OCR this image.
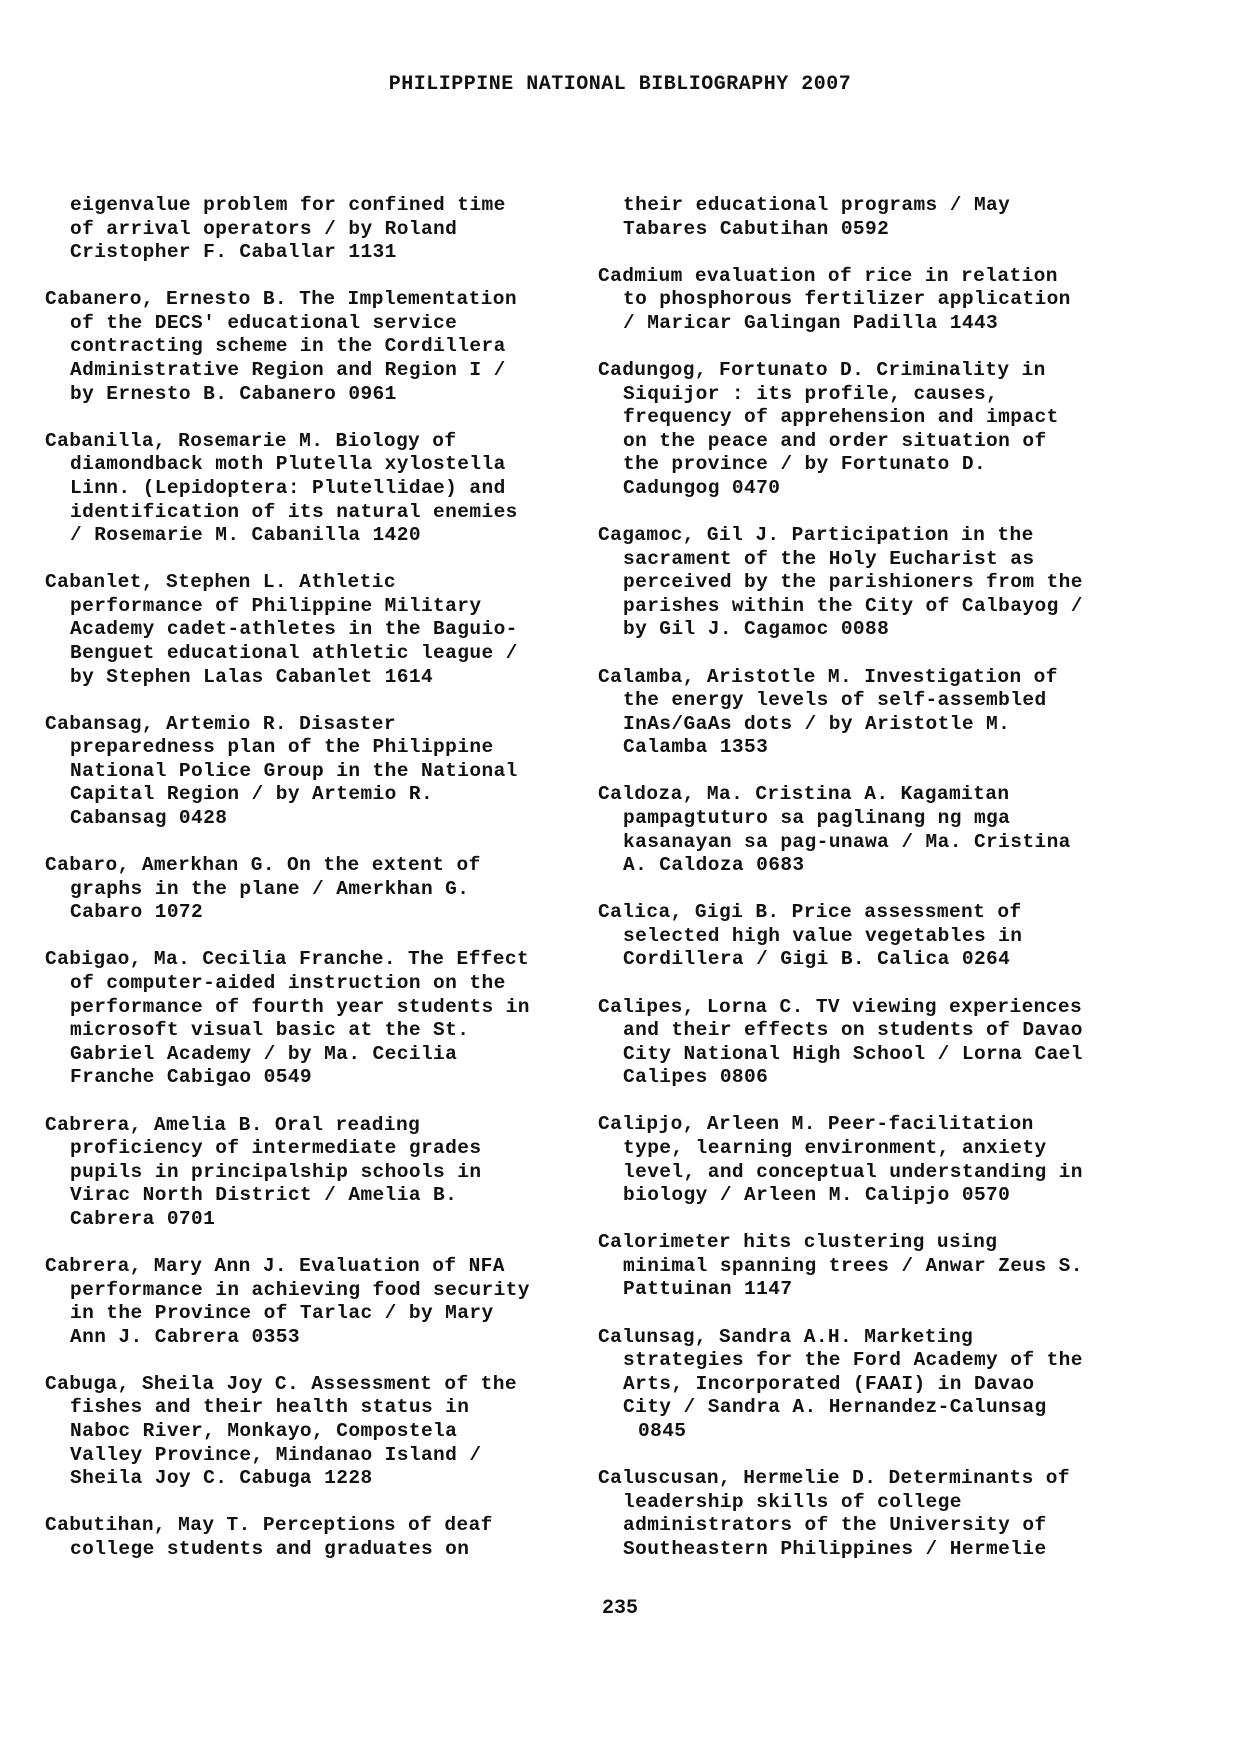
PHILIPPINE NATIONAL BIBLIOGRAPHY 2007
eigenvalue problem for confined time
of arrival operators / by Roland
Cristopher F. Caballar 1131
Cabanero, Ernesto B. The Implementation
of the DECS' educational service
contracting scheme in the Cordillera
Administrative Region and Region I /
by Ernesto B. Cabanero 0961
Cabanilla, Rosemarie M. Biology of
diamondback moth Plutella xylostella
Linn. (Lepidoptera: Plutellidae) and
identification of its natural enemies
/ Rosemarie M. Cabanilla 1420
Cabanlet, Stephen L. Athletic
performance of Philippine Military
Academy cadet-athletes in the Baguio-
Benguet educational athletic league /
by Stephen Lalas Cabanlet 1614
Cabansag, Artemio R. Disaster
preparedness plan of the Philippine
National Police Group in the National
Capital Region / by Artemio R.
Cabansag 0428
Cabaro, Amerkhan G. On the extent of
graphs in the plane / Amerkhan G.
Cabaro 1072
Cabigao, Ma. Cecilia Franche. The Effect
of computer-aided instruction on the
performance of fourth year students in
microsoft visual basic at the St.
Gabriel Academy / by Ma. Cecilia
Franche Cabigao 0549
Cabrera, Amelia B. Oral reading
proficiency of intermediate grades
pupils in principalship schools in
Virac North District / Amelia B.
Cabrera 0701
Cabrera, Mary Ann J. Evaluation of NFA
performance in achieving food security
in the Province of Tarlac / by Mary
Ann J. Cabrera 0353
Cabuga, Sheila Joy C. Assessment of the
fishes and their health status in
Naboc River, Monkayo, Compostela
Valley Province, Mindanao Island /
Sheila Joy C. Cabuga 1228
Cabutihan, May T. Perceptions of deaf
college students and graduates on
their educational programs / May
Tabares Cabutihan 0592
Cadmium evaluation of rice in relation
to phosphorous fertilizer application
/ Maricar Galingan Padilla 1443
Cadungog, Fortunato D. Criminality in
Siquijor : its profile, causes,
frequency of apprehension and impact
on the peace and order situation of
the province / by Fortunato D.
Cadungog 0470
Cagamoc, Gil J. Participation in the
sacrament of the Holy Eucharist as
perceived by the parishioners from the
parishes within the City of Calbayog /
by Gil J. Cagamoc 0088
Calamba, Aristotle M. Investigation of
the energy levels of self-assembled
InAs/GaAs dots / by Aristotle M.
Calamba 1353
Caldoza, Ma. Cristina A. Kagamitan
pampagtuturo sa paglinang ng mga
kasanayan sa pag-unawa / Ma. Cristina
A. Caldoza 0683
Calica, Gigi B. Price assessment of
selected high value vegetables in
Cordillera / Gigi B. Calica 0264
Calipes, Lorna C. TV viewing experiences
and their effects on students of Davao
City National High School / Lorna Cael
Calipes 0806
Calipjo, Arleen M. Peer-facilitation
type, learning environment, anxiety
level, and conceptual understanding in
biology / Arleen M. Calipjo 0570
Calorimeter hits clustering using
minimal spanning trees / Anwar Zeus S.
Pattuinan 1147
Calunsag, Sandra A.H. Marketing
strategies for the Ford Academy of the
Arts, Incorporated (FAAI) in Davao
City / Sandra A. Hernandez-Calunsag
0845
Caluscusan, Hermelie D. Determinants of
leadership skills of college
administrators of the University of
Southeastern Philippines / Hermelie
235
